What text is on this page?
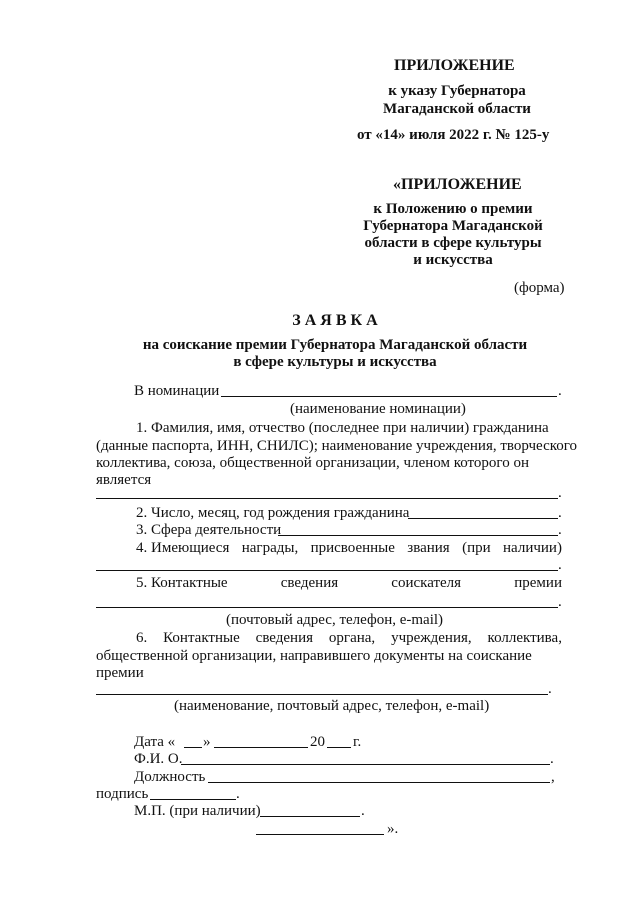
ПРИЛОЖЕНИЕ
к указу Губернатора
Магаданской области
от «14» июля 2022 г. № 125-у
«ПРИЛОЖЕНИЕ
к Положению о премии
Губернатора Магаданской
области в сфере культуры
и искусства
(форма)
З А Я В К А
на соискание премии Губернатора Магаданской области
в сфере культуры и искусства
В номинации	.
(наименование номинации)
1. Фамилия, имя, отчество (последнее при наличии) гражданина
(данные паспорта, ИНН, СНИЛС); наименование учреждения, творческого
коллектива, союза, общественной организации, членом которого он
является
.
2. Число, месяц, год рождения гражданина	.
3. Сфера деятельности	.
4. Имеющиеся награды, присвоенные звания (при наличии)
.
5. Контактные	сведения	соискателя	премии
.
(почтовый адрес, телефон, e-mail)
6. Контактные сведения органа, учреждения, коллектива,
общественной организации, направившего документы на соискание
премии
.
(наименование, почтовый адрес, телефон, e-mail)
Дата « »	20 г.
Ф.И. О.	.
Должность	,
подпись	.
М.П. (при наличии)	.
».
